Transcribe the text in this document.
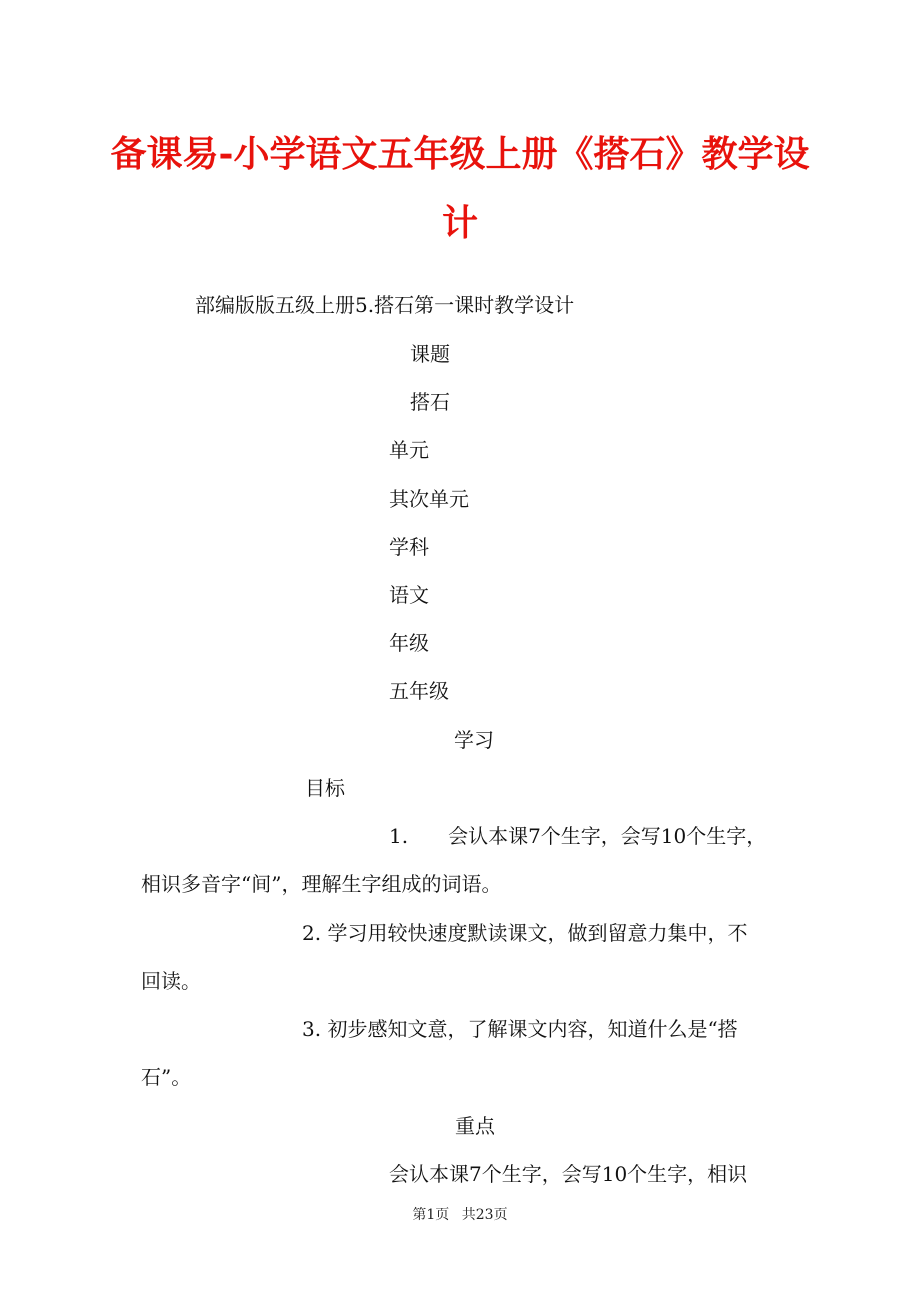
备课易-小学语文五年级上册《搭石》教学设
计
部编版版五级上册5.搭石第一课时教学设计
课题
搭石
单元
其次单元
学科
语文
年级
五年级
学习
目标
1.　　会认本课7个生字，会写10个生字，
相识多音字“间”，理解生字组成的词语。
2. 学习用较快速度默读课文，做到留意力集中，不
回读。
3. 初步感知文意，了解课文内容，知道什么是“搭
石”。
重点
会认本课7个生字，会写10个生字，相识
第1页 共23页
